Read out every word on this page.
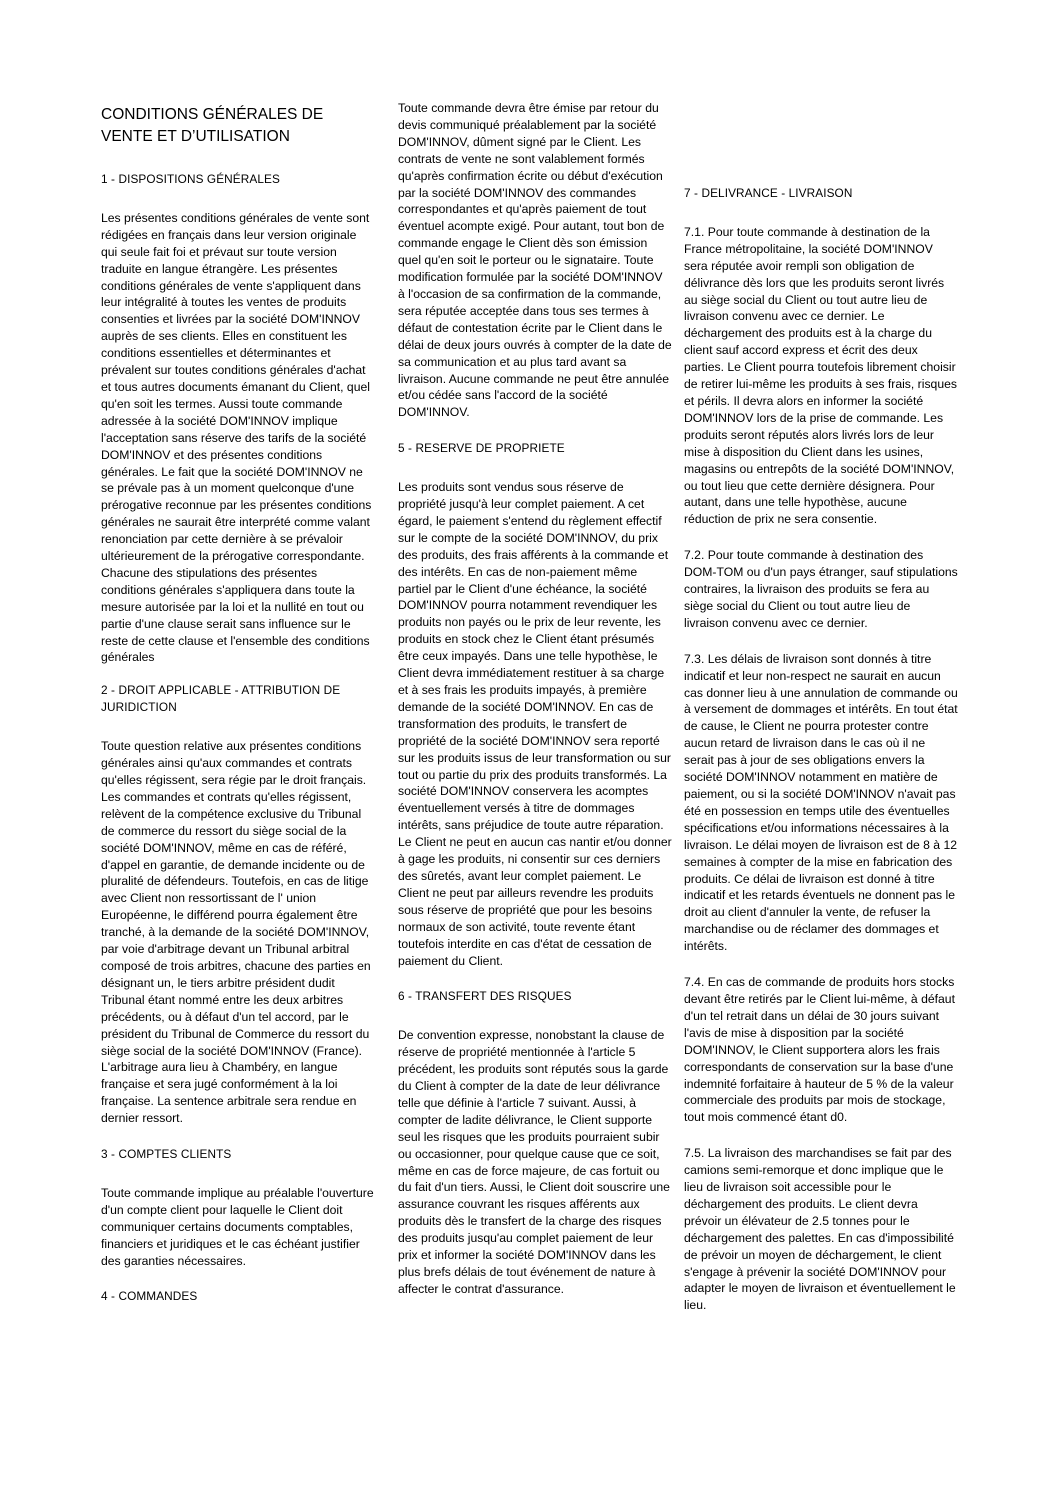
CONDITIONS GÉNÉRALES DE VENTE ET D’UTILISATION
1 - DISPOSITIONS GÉNÉRALES
Les présentes conditions générales de vente sont rédigées en français dans leur version originale qui seule fait foi et prévaut sur toute version traduite en langue étrangère. Les présentes conditions générales de vente s'appliquent dans leur intégralité à toutes les ventes de produits consenties et livrées par la société DOM'INNOV auprès de ses clients. Elles en constituent les conditions essentielles et déterminantes et prévalent sur toutes conditions générales d'achat et tous autres documents émanant du Client, quel qu'en soit les termes. Aussi toute commande adressée à la société DOM'INNOV implique l'acceptation sans réserve des tarifs de la société DOM'INNOV et des présentes conditions générales. Le fait que la société DOM'INNOV ne se prévale pas à un moment quelconque d'une prérogative reconnue par les présentes conditions générales ne saurait être interprété comme valant renonciation par cette dernière à se prévaloir ultérieurement de la prérogative correspondante. Chacune des stipulations des présentes conditions générales s'appliquera dans toute la mesure autorisée par la loi et la nullité en tout ou partie d'une clause serait sans influence sur le reste de cette clause et l'ensemble des conditions générales
2 - DROIT APPLICABLE - ATTRIBUTION DE JURIDICTION
Toute question relative aux présentes conditions générales ainsi qu'aux commandes et contrats qu'elles régissent, sera régie par le droit français. Les commandes et contrats qu'elles régissent, relèvent de la compétence exclusive du Tribunal de commerce du ressort du siège social de la société DOM'INNOV, même en cas de référé, d'appel en garantie, de demande incidente ou de pluralité de défendeurs. Toutefois, en cas de litige avec Client non ressortissant de l' union Européenne, le différend pourra également être tranché, à la demande de la société DOM'INNOV, par voie d'arbitrage devant un Tribunal arbitral composé de trois arbitres, chacune des parties en désignant un, le tiers arbitre président dudit Tribunal étant nommé entre les deux arbitres précédents, ou à défaut d'un tel accord, par le président du Tribunal de Commerce du ressort du siège social de la société DOM'INNOV (France). L'arbitrage aura lieu à Chambéry, en langue française et sera jugé conformément à la loi française. La sentence arbitrale sera rendue en dernier ressort.
3 - COMPTES CLIENTS
Toute commande implique au préalable l'ouverture d'un compte client pour laquelle le Client doit communiquer certains documents comptables, financiers et juridiques et le cas échéant justifier des garanties nécessaires.
4 - COMMANDES
Toute commande devra être émise par retour du devis communiqué préalablement par la société DOM'INNOV, dûment signé par le Client. Les contrats de vente ne sont valablement formés qu'après confirmation écrite ou début d'exécution par la société DOM'INNOV des commandes correspondantes et qu'après paiement de tout éventuel acompte exigé. Pour autant, tout bon de commande engage le Client dès son émission quel qu'en soit le porteur ou le signataire. Toute modification formulée par la société DOM'INNOV à l'occasion de sa confirmation de la commande, sera réputée acceptée dans tous ses termes à défaut de contestation écrite par le Client dans le délai de deux jours ouvrés à compter de la date de sa communication et au plus tard avant sa livraison. Aucune commande ne peut être annulée et/ou cédée sans l'accord de la société DOM'INNOV.
5 - RESERVE DE PROPRIETE
Les produits sont vendus sous réserve de propriété jusqu'à leur complet paiement. A cet égard, le paiement s'entend du règlement effectif sur le compte de la société DOM'INNOV, du prix des produits, des frais afférents à la commande et des intérêts. En cas de non-paiement même partiel par le Client d'une échéance, la société DOM'INNOV pourra notamment revendiquer les produits non payés ou le prix de leur revente, les produits en stock chez le Client étant présumés être ceux impayés. Dans une telle hypothèse, le Client devra immédiatement restituer à sa charge et à ses frais les produits impayés, à première demande de la société DOM'INNOV. En cas de transformation des produits, le transfert de propriété de la société DOM'INNOV sera reporté sur les produits issus de leur transformation ou sur tout ou partie du prix des produits transformés. La société DOM'INNOV conservera les acomptes éventuellement versés à titre de dommages intérêts, sans préjudice de toute autre réparation. Le Client ne peut en aucun cas nantir et/ou donner à gage les produits, ni consentir sur ces derniers des sûretés, avant leur complet paiement. Le Client ne peut par ailleurs revendre les produits sous réserve de propriété que pour les besoins normaux de son activité, toute revente étant toutefois interdite en cas d'état de cessation de paiement du Client.
6 - TRANSFERT DES RISQUES
De convention expresse, nonobstant la clause de réserve de propriété mentionnée à l'article 5 précédent, les produits sont réputés sous la garde du Client à compter de la date de leur délivrance telle que définie à l'article 7 suivant. Aussi, à compter de ladite délivrance, le Client supporte seul les risques que les produits pourraient subir ou occasionner, pour quelque cause que ce soit, même en cas de force majeure, de cas fortuit ou du fait d'un tiers. Aussi, le Client doit souscrire une assurance couvrant les risques afférents aux produits dès le transfert de la charge des risques des produits jusqu'au complet paiement de leur prix et informer la société DOM'INNOV dans les plus brefs délais de tout événement de nature à affecter le contrat d'assurance.
7 - DELIVRANCE - LIVRAISON
7.1. Pour toute commande à destination de la France métropolitaine, la société DOM'INNOV sera réputée avoir rempli son obligation de délivrance dès lors que les produits seront livrés au siège social du Client ou tout autre lieu de livraison convenu avec ce dernier. Le déchargement des produits est à la charge du client sauf accord express et écrit des deux parties. Le Client pourra toutefois librement choisir de retirer lui-même les produits à ses frais, risques et périls. Il devra alors en informer la société DOM'INNOV lors de la prise de commande. Les produits seront réputés alors livrés lors de leur mise à disposition du Client dans les usines, magasins ou entrepôts de la société DOM'INNOV, ou tout lieu que cette dernière désignera. Pour autant, dans une telle hypothèse, aucune réduction de prix ne sera consentie.
7.2. Pour toute commande à destination des DOM-TOM ou d'un pays étranger, sauf stipulations contraires, la livraison des produits se fera au siège social du Client ou tout autre lieu de livraison convenu avec ce dernier.
7.3. Les délais de livraison sont donnés à titre indicatif et leur non-respect ne saurait en aucun cas donner lieu à une annulation de commande ou à versement de dommages et intérêts. En tout état de cause, le Client ne pourra protester contre aucun retard de livraison dans le cas où il ne serait pas à jour de ses obligations envers la société DOM'INNOV notamment en matière de paiement, ou si la société DOM'INNOV n'avait pas été en possession en temps utile des éventuelles spécifications et/ou informations nécessaires à la livraison. Le délai moyen de livraison est de 8 à 12 semaines à compter de la mise en fabrication des produits. Ce délai de livraison est donné à titre indicatif et les retards éventuels ne donnent pas le droit au client d'annuler la vente, de refuser la marchandise ou de réclamer des dommages et intérêts.
7.4. En cas de commande de produits hors stocks devant être retirés par le Client lui-même, à défaut d'un tel retrait dans un délai de 30 jours suivant l'avis de mise à disposition par la société DOM'INNOV, le Client supportera alors les frais correspondants de conservation sur la base d'une indemnité forfaitaire à hauteur de 5 % de la valeur commerciale des produits par mois de stockage, tout mois commencé étant d0.
7.5. La livraison des marchandises se fait par des camions semi-remorque et donc implique que le lieu de livraison soit accessible pour le déchargement des produits. Le client devra prévoir un élévateur de 2.5 tonnes pour le déchargement des palettes. En cas d'impossibilité de prévoir un moyen de déchargement, le client s'engage à prévenir la société DOM'INNOV pour adapter le moyen de livraison et éventuellement le lieu.
